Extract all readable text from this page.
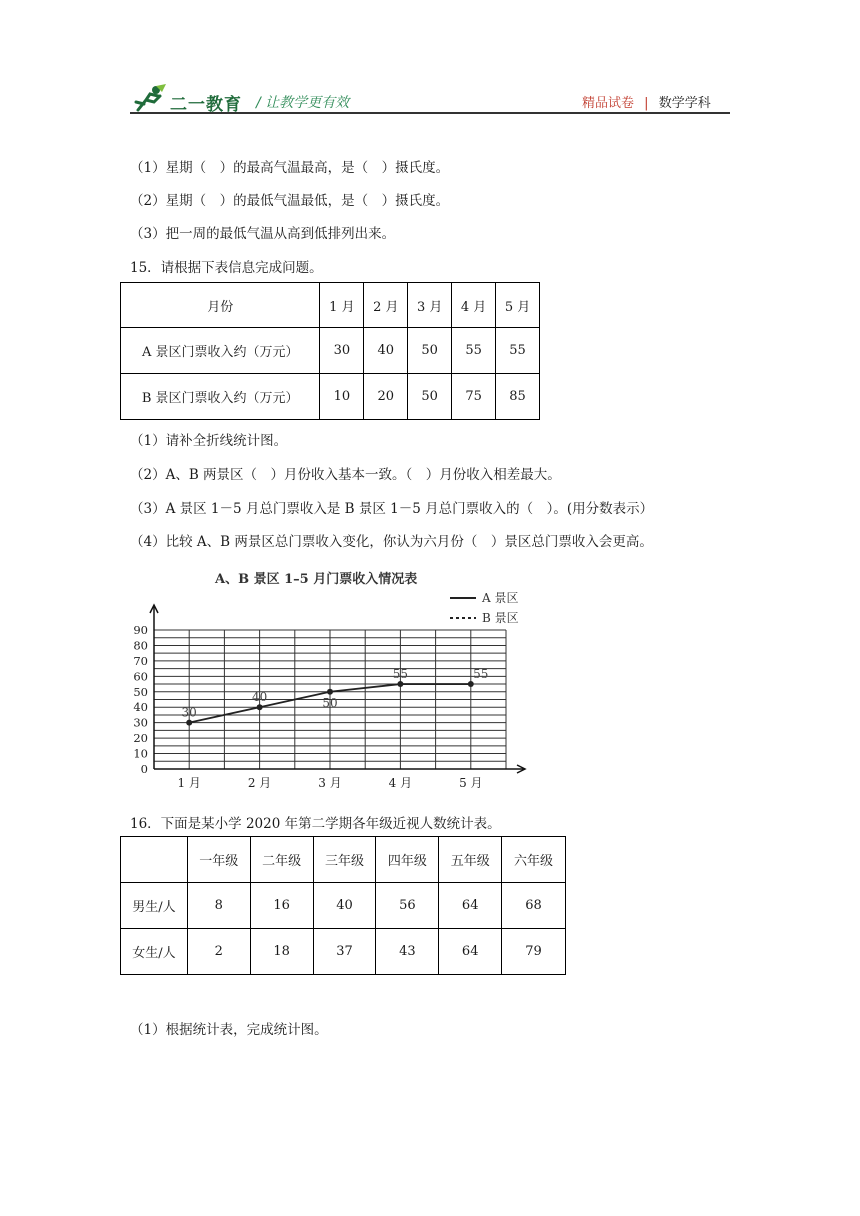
二一教育 / 让教学更有效	精品试卷 | 数学学科
（1）星期（　）的最高气温最高，是（　）摄氏度。
（2）星期（　）的最低气温最低，是（　）摄氏度。
（3）把一周的最低气温从高到低排列出来。
15．请根据下表信息完成问题。
月份	1 月	2 月	3 月	4 月	5 月
A 景区门票收入约（万元）	30	40	50	55	55
B 景区门票收入约（万元）	10	20	50	75	85
（1）请补全折线统计图。
（2）A、B 两景区（　）月份收入基本一致。（　）月份收入相差最大。
（3）A 景区 1－5 月总门票收入是 B 景区 1－5 月总门票收入的（　）。(用分数表示）
（4）比较 A、B 两景区总门票收入变化，你认为六月份（　）景区总门票收入会更高。
A、B 景区 1–5 月门票收入情况表
0
10
20
30
40
50
60
70
80
90
1 月	2 月	3 月	4 月	5 月
30
40	50
55	55
A 景区
B 景区
16．下面是某小学 2020 年第二学期各年级近视人数统计表。
	一年级	二年级	三年级	四年级	五年级	六年级
男生/人	8	16	40	56	64	68
女生/人	2	18	37	43	64	79
（1）根据统计表，完成统计图。
